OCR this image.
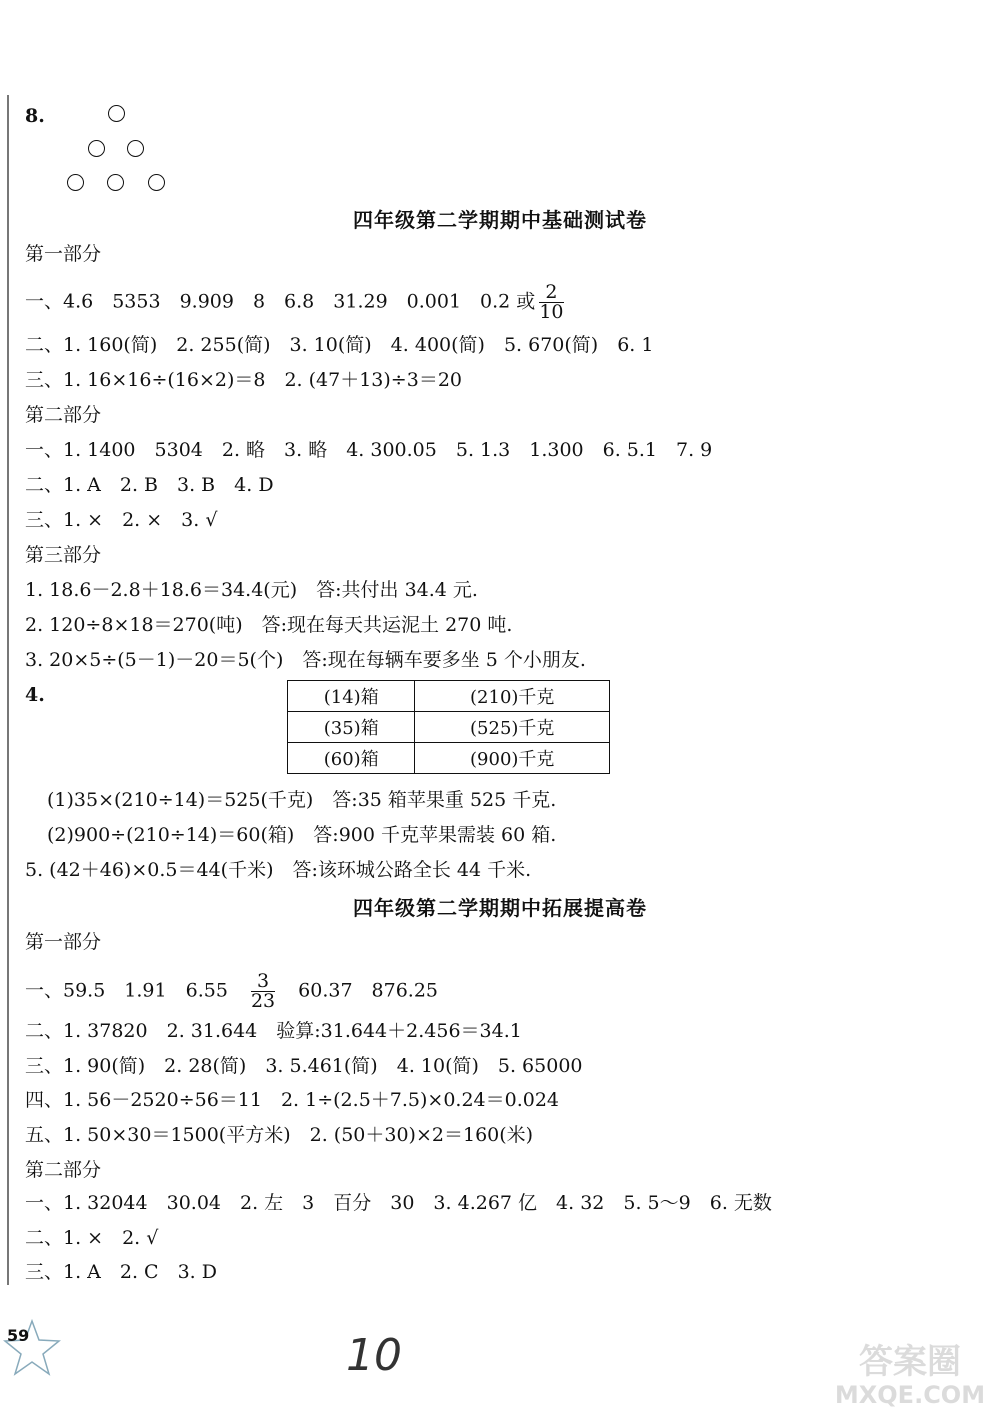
8.
四年级第二学期期中基础测试卷
第一部分
一、4.6　5353　9.909　8　6.8　31.29　0.001　0.2 或 $\frac{2}{10}$
二、1. 160(简)　2. 255(简)　3. 10(简)　4. 400(简)　5. 670(简)　6. 1
三、1. 16×16÷(16×2)＝8　2. (47＋13)÷3＝20
第二部分
一、1. 1400　5304　2. 略　3. 略　4. 300.05　5. 1.3　1.300　6. 5.1　7. 9
二、1. A　2. B　3. B　4. D
三、1. ×　2. ×　3. √
第三部分
1. 18.6－2.8＋18.6＝34.4(元)　答:共付出 34.4 元.
2. 120÷8×18＝270(吨)　答:现在每天共运泥土 270 吨.
3. 20×5÷(5－1)－20＝5(个)　答:现在每辆车要多坐 5 个小朋友.
4.	(14)箱	(210)千克
(35)箱	(525)千克
(60)箱	(900)千克
(1)35×(210÷14)＝525(千克)　答:35 箱苹果重 525 千克.
(2)900÷(210÷14)＝60(箱)　答:900 千克苹果需装 60 箱.
5. (42＋46)×0.5＝44(千米)　答:该环城公路全长 44 千米.
四年级第二学期期中拓展提高卷
第一部分
一、59.5　1.91　6.55　 $\frac{3}{23}$
　 60.37　876.25
二、1. 37820　2. 31.644　验算:31.644＋2.456＝34.1
三、1. 90(简)　2. 28(简)　3. 5.461(简)　4. 10(简)　5. 65000
四、1. 56－2520÷56＝11　2. 1÷(2.5＋7.5)×0.24＝0.024
五、1. 50×30＝1500(平方米)　2. (50＋30)×2＝160(米)
第二部分
一、1. 32044　30.04　2. 左　3　百分　30　3. 4.267 亿　4. 32　5. 5～9　6. 无数
二、1. ×　2. √
三、1. A　2. C　3. D
59	10	答案圈
MXQE.COM
